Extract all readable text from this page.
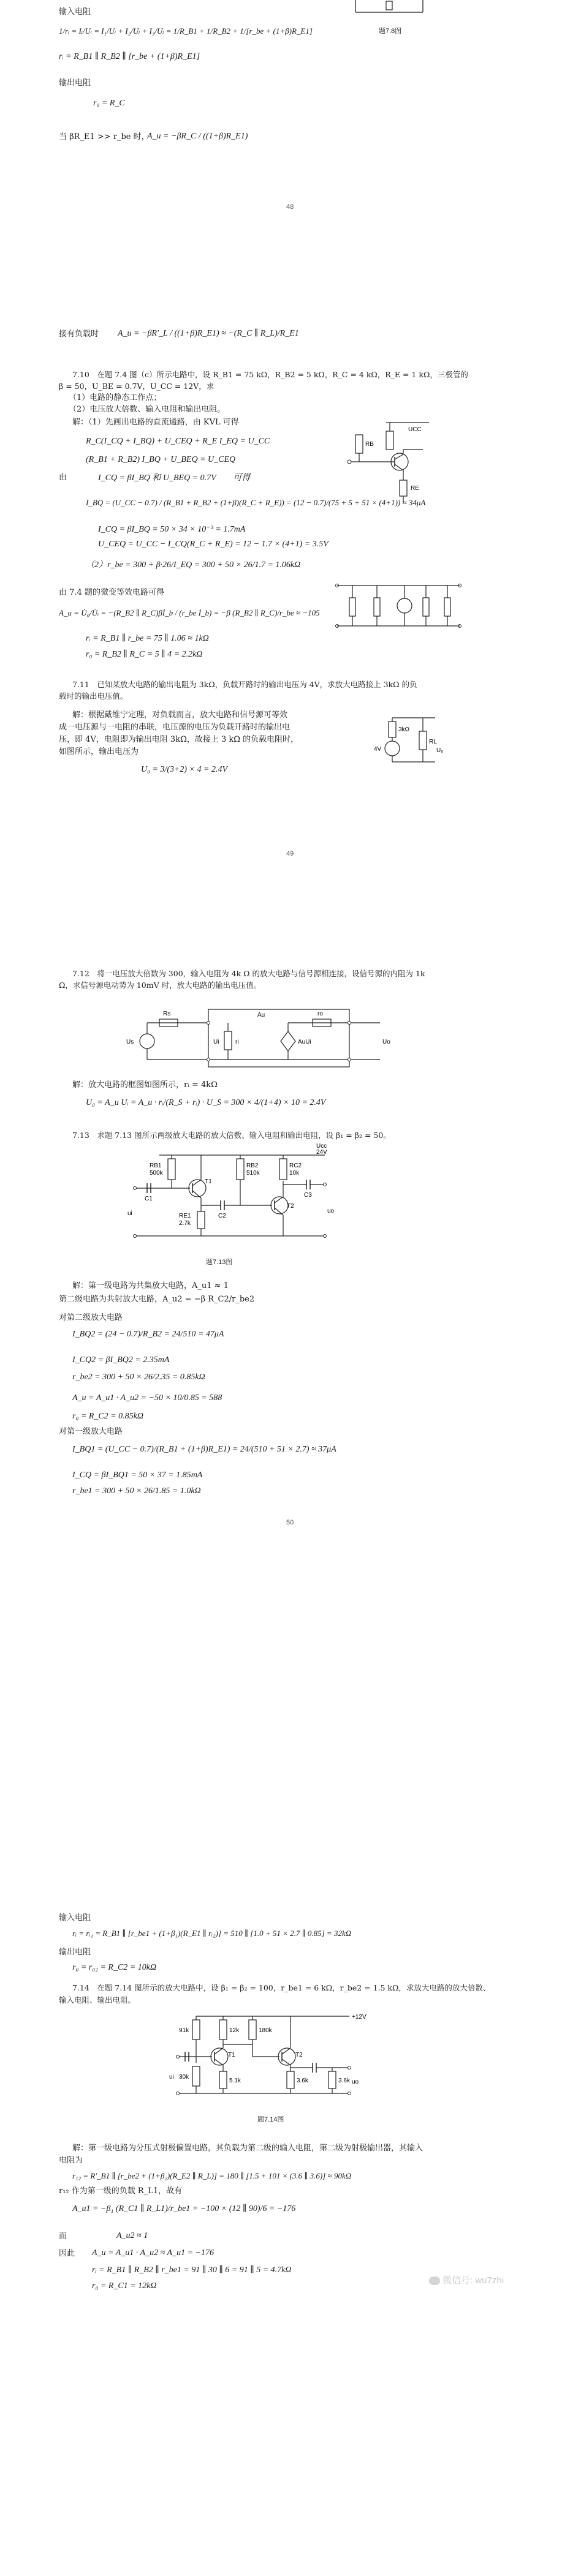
输入电阻
1/rᵢ = Iᵢ/Uᵢ = I₁/Uᵢ + I₂/Uᵢ + I₃/Uᵢ = 1/R_B1 + 1/R_B2 + 1/[r_be + (1+β)R_E1]
rᵢ = R_B1 ∥ R_B2 ∥ [r_be + (1+β)R_E1]
输出电阻
r₀ = R_C
当 βR_E1 >> r_be 时，
A_u = −βR_C / ((1+β)R_E1)
题7.8图
48
接有负载时 A_u = −βR′_L / ((1+β)R_E1) ≈ −(R_C ∥ R_L)/R_E1
7.10　在题 7.4 图（c）所示电路中，设 R_B1 = 75 kΩ，R_B2 = 5 kΩ，R_C = 4 kΩ，R_E = 1 kΩ，三极管的
β = 50，U_BE = 0.7V，U_CC = 12V，求
（1）电路的静态工作点；
（2）电压放大倍数、输入电阻和输出电阻。
解：（1）先画出电路的直流通路，由 KVL 可得
R_C(I_CQ + I_BQ) + U_CEQ + R_E I_EQ = U_CC
(R_B1 + R_B2) I_BQ + U_BEQ = U_CEQ
由	I_CQ = βI_BQ 和 U_BEQ = 0.7V　　可得
I_BQ = (U_CC − 0.7) / (R_B1 + R_B2 + (1+β)(R_C + R_E)) = (12 − 0.7)/(75 + 5 + 51 × (4+1)) ≈ 34μA
I_CQ = βI_BQ = 50 × 34 × 10⁻³ = 1.7mA
U_CEQ = U_CC − I_CQ(R_C + R_E) = 12 − 1.7 × (4+1) = 3.5V
（2）r_be = 300 + β·26/I_EQ = 300 + 50 × 26/1.7 = 1.06kΩ
由 7.4 题的微变等效电路可得
A_u = U̇₀/U̇ᵢ = −(R_B2 ∥ R_C)βİ_b / (r_be İ_b) = −β (R_B2 ∥ R_C)/r_be ≈ −105
rᵢ = R_B1 ∥ r_be = 75 ∥ 1.06 ≈ 1kΩ
r₀ = R_B2 ∥ R_C = 5 ∥ 4 = 2.2kΩ
RB
UCC
RE
7.11　已知某放大电路的输出电阻为 3kΩ，负载开路时的输出电压为 4V，求放大电路接上 3kΩ 的负
载时的输出电压值。
解：根据戴维宁定理，对负载而言，放大电路和信号源可等效
成一电压源与一电阻的串联，电压源的电压为负载开路时的输出电
压，即 4V，电阻即为输出电阻 3kΩ，故接上 3 kΩ 的负载电阻时，
如图所示，输出电压为
U₀ = 3/(3+2) × 4 = 2.4V
3kΩ
4V
RL
U₀
49
7.12　将一电压放大倍数为 300，输入电阻为 4k Ω 的放大电路与信号源相连接，设信号源的内阻为 1k
Ω，求信号源电动势为 10mV 时，放大电路的输出电压值。
Rs
Us	Ui	ri
Au
AuUi
ro
Uo
解：放大电路的框图如图所示，rᵢ = 4kΩ
U₀ = A_u Uᵢ = A_u · rᵢ/(R_S + rᵢ) · U_S = 300 × 4/(1+4) × 10 = 2.4V
7.13　求题 7.13 图所示两级放大电路的放大倍数、输入电阻和输出电阻，设 β₁ = β₂ = 50。
Ucc
24V
RB1
500k
RB2
510k
RC2
10k
RE1
2.7k
C1
C2
C3
T1
T2
ui	uo
题7.13图
解：第一级电路为共集放大电路，A_u1 ≈ 1
第二级电路为共射放大电路，A_u2 = −β R_C2/r_be2
对第二级放大电路
I_BQ2 = (24 − 0.7)/R_B2 = 24/510 = 47μA
I_CQ2 = βI_BQ2 = 2.35mA
r_be2 = 300 + 50 × 26/2.35 = 0.85kΩ
A_u = A_u1 · A_u2 = −50 × 10/0.85 = 588
r₀ = R_C2 = 0.85kΩ
对第一级放大电路
I_BQ1 = (U_CC − 0.7)/(R_B1 + (1+β)R_E1) = 24/(510 + 51 × 2.7) ≈ 37μA
I_CQ = βI_BQ1 = 50 × 37 = 1.85mA
r_be1 = 300 + 50 × 26/1.85 = 1.0kΩ
50
输入电阻
rᵢ = rᵢ₁ = R_B1 ∥ [r_be1 + (1+β₁)(R_E1 ∥ rᵢ₂)] = 510 ∥ [1.0 + 51 × 2.7 ∥ 0.85] = 32kΩ
输出电阻
r₀ = r₀₂ = R_C2 = 10kΩ
7.14　在题 7.14 图所示的放大电路中，设 β₁ = β₂ = 100，r_be1 = 6 kΩ，r_be2 = 1.5 kΩ，求放大电路的放大倍数、
输入电阻、输出电阻。
+12V
91k	12k	180k
30k
5.1k	3.6k	3.6k
T1	T2
ui
uo
题7.14图
解：第一级电路为分压式射极偏置电路，其负载为第二级的输入电阻，第二级为射极输出器，其输入
电阻为
r₁₂ = R′_B1 ∥ [r_be2 + (1+β₂)(R_E2 ∥ R_L)] = 180 ∥ [1.5 + 101 × (3.6 ∥ 3.6)] ≈ 90kΩ
r₁₂ 作为第一级的负载 R_L1，故有
A_u1 = −β₁ (R_C1 ∥ R_L1)/r_be1 = −100 × (12 ∥ 90)/6 = −176
而	A_u2 ≈ 1
因此 A_u = A_u1 · A_u2 ≈ A_u1 = −176
rᵢ = R_B1 ∥ R_B2 ∥ r_be1 = 91 ∥ 30 ∥ 6 = 91 ∥ 5 = 4.7kΩ
r₀ = R_C1 = 12kΩ
微信号: wu7zhi
